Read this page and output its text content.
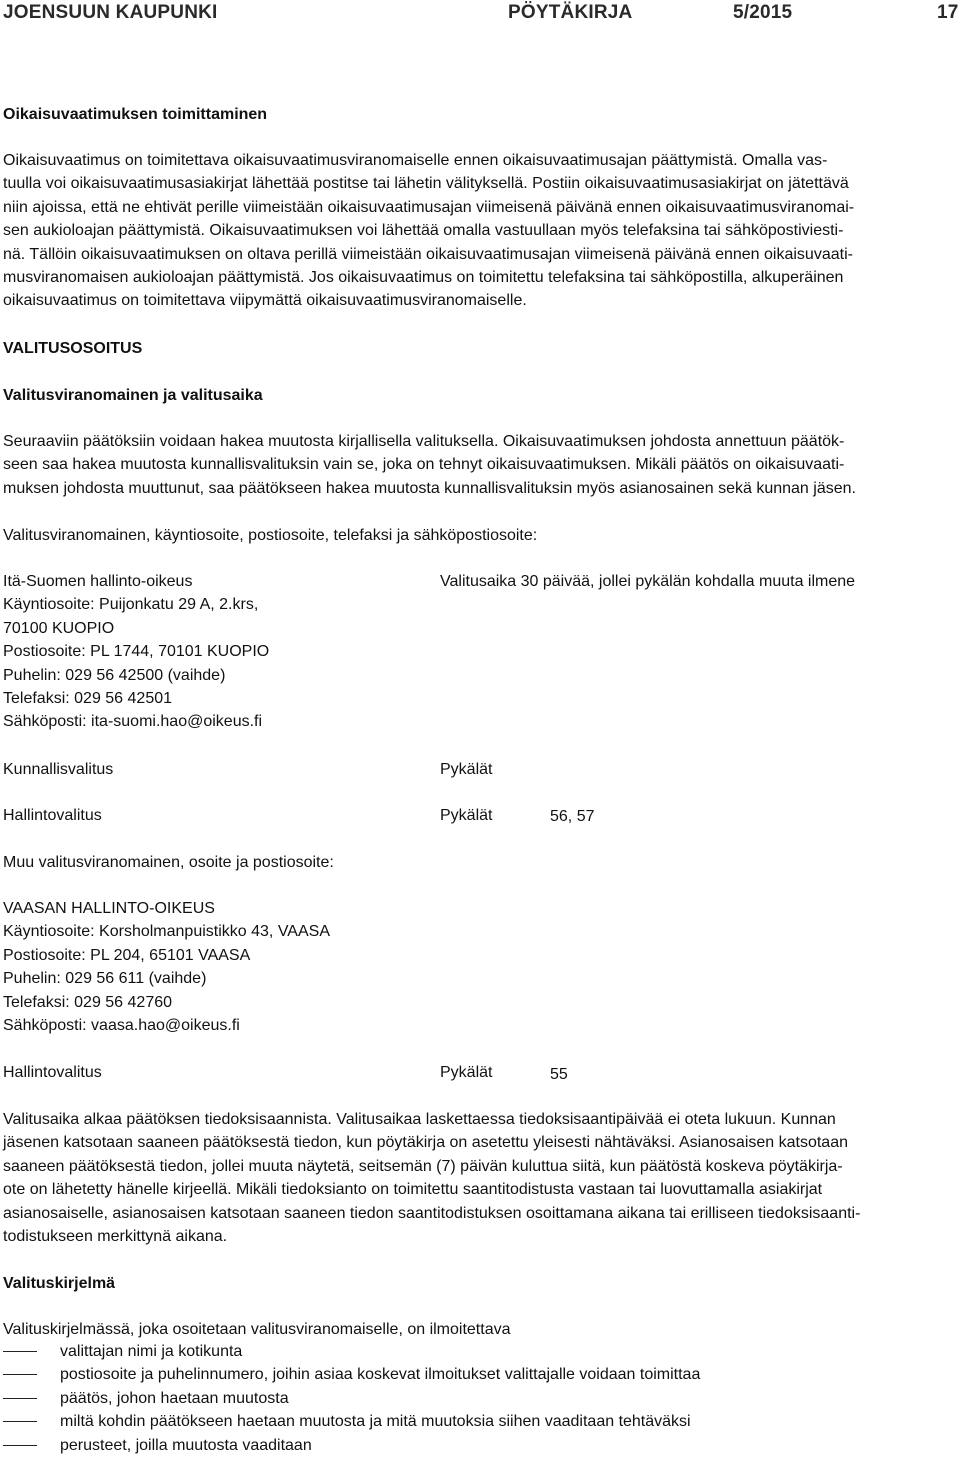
JOENSUUN KAUPUNKI	PÖYTÄKIRJA	5/2015	17
Oikaisuvaatimuksen toimittaminen
Oikaisuvaatimus on toimitettava oikaisuvaatimusviranomaiselle ennen oikaisuvaatimusajan päättymistä. Omalla vas-
tuulla voi oikaisuvaatimusasiakirjat lähettää postitse tai lähetin välityksellä. Postiin oikaisuvaatimusasiakirjat on jätettävä
niin ajoissa, että ne ehtivät perille viimeistään oikaisuvaatimusajan viimeisenä päivänä ennen oikaisuvaatimusviranomai-
sen aukioloajan päättymistä. Oikaisuvaatimuksen voi lähettää omalla vastuullaan myös telefaksina tai sähköpostiviesti-
nä. Tällöin oikaisuvaatimuksen on oltava perillä viimeistään oikaisuvaatimusajan viimeisenä päivänä ennen oikaisuvaati-
musviranomaisen aukioloajan päättymistä. Jos oikaisuvaatimus on toimitettu telefaksina tai sähköpostilla, alkuperäinen
oikaisuvaatimus on toimitettava viipymättä oikaisuvaatimusviranomaiselle.
VALITUSOSOITUS
Valitusviranomainen ja valitusaika
Seuraaviin päätöksiin voidaan hakea muutosta kirjallisella valituksella. Oikaisuvaatimuksen johdosta annettuun päätök-
seen saa hakea muutosta kunnallisvalituksin vain se, joka on tehnyt oikaisuvaatimuksen. Mikäli päätös on oikaisuvaati-
muksen johdosta muuttunut, saa päätökseen hakea muutosta kunnallisvalituksin myös asianosainen sekä kunnan jäsen.
Valitusviranomainen, käyntiosoite, postiosoite, telefaksi ja sähköpostiosoite:
Itä-Suomen hallinto-oikeus
Käyntiosoite: Puijonkatu 29 A, 2.krs,
70100 KUOPIO
Postiosoite: PL 1744, 70101 KUOPIO
Puhelin: 029 56 42500 (vaihde)
Telefaksi: 029 56 42501
Sähköposti: ita-suomi.hao@oikeus.fi
Valitusaika 30 päivää, jollei pykälän kohdalla muuta ilmene
Kunnallisvalitus	Pykälät
Hallintovalitus	Pykälät	56, 57
Muu valitusviranomainen, osoite ja postiosoite:
VAASAN HALLINTO-OIKEUS
Käyntiosoite: Korsholmanpuistikko 43, VAASA
Postiosoite: PL 204, 65101 VAASA
Puhelin: 029 56 611 (vaihde)
Telefaksi: 029 56 42760
Sähköposti: vaasa.hao@oikeus.fi
Hallintovalitus	Pykälät	55
Valitusaika alkaa päätöksen tiedoksisaannista. Valitusaikaa laskettaessa tiedoksisaantipäivää ei oteta lukuun. Kunnan
jäsenen katsotaan saaneen päätöksestä tiedon, kun pöytäkirja on asetettu yleisesti nähtäväksi. Asianosaisen katsotaan
saaneen päätöksestä tiedon, jollei muuta näytetä, seitsemän (7) päivän kuluttua siitä, kun päätöstä koskeva pöytäkirja-
ote on lähetetty hänelle kirjeellä. Mikäli tiedoksianto on toimitettu saantitodistusta vastaan tai luovuttamalla asiakirjat
asianosaiselle, asianosaisen katsotaan saaneen tiedon saantitodistuksen osoittamana aikana tai erilliseen tiedoksisaanti-
todistukseen merkittynä aikana.
Valituskirjelmä
Valituskirjelmässä, joka osoitetaan valitusviranomaiselle, on ilmoitettava
valittajan nimi ja kotikunta
postiosoite ja puhelinnumero, joihin asiaa koskevat ilmoitukset valittajalle voidaan toimittaa
päätös, johon haetaan muutosta
miltä kohdin päätökseen haetaan muutosta ja mitä muutoksia siihen vaaditaan tehtäväksi
perusteet, joilla muutosta vaaditaan
